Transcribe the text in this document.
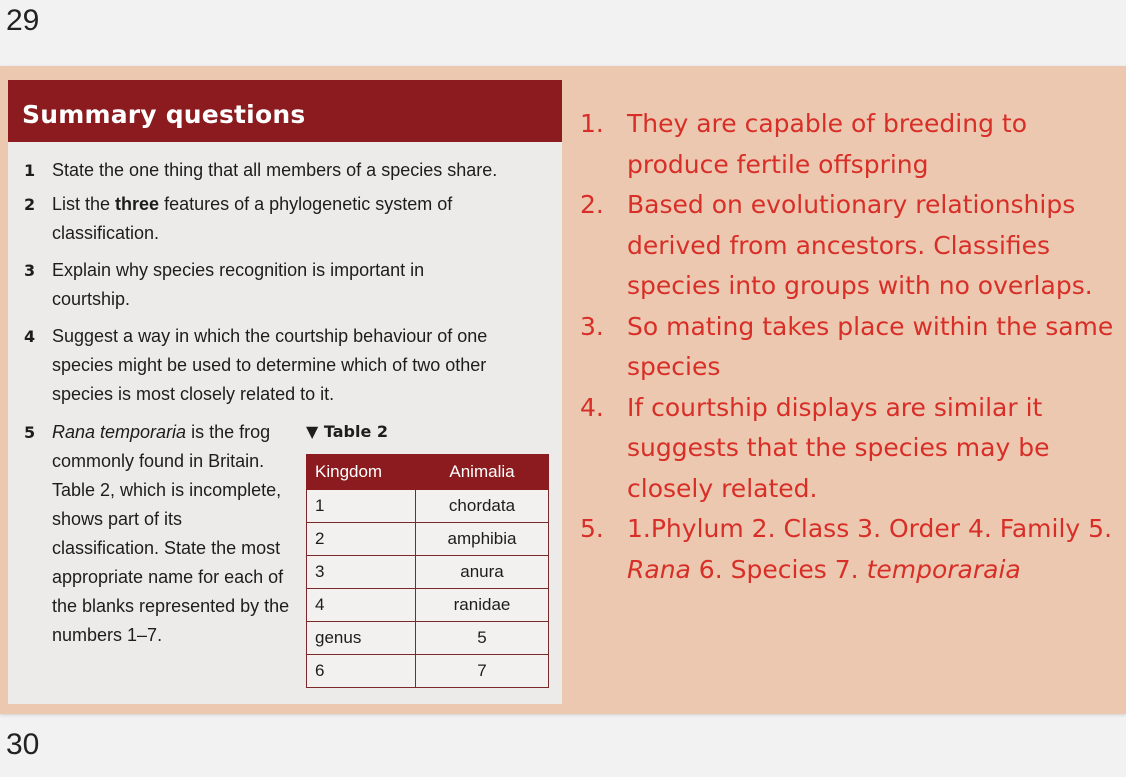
29
Summary questions
1 State the one thing that all members of a species share.
2 List the three features of a phylogenetic system of classification.
3 Explain why species recognition is important in courtship.
4 Suggest a way in which the courtship behaviour of one species might be used to determine which of two other species is most closely related to it.
5 Rana temporaria is the frog commonly found in Britain. Table 2, which is incomplete, shows part of its classification. State the most appropriate name for each of the blanks represented by the numbers 1–7.
▼ Table 2
Kingdom	Animalia
1	chordata
2	amphibia
3	anura
4	ranidae
genus	5
6	7
1. They are capable of breeding to produce fertile offspring
2. Based on evolutionary relationships derived from ancestors. Classifies species into groups with no overlaps.
3. So mating takes place within the same species
4. If courtship displays are similar it suggests that the species may be closely related.
5. 1.Phylum 2. Class 3. Order 4. Family 5. Rana 6. Species 7. temporaraia
30
